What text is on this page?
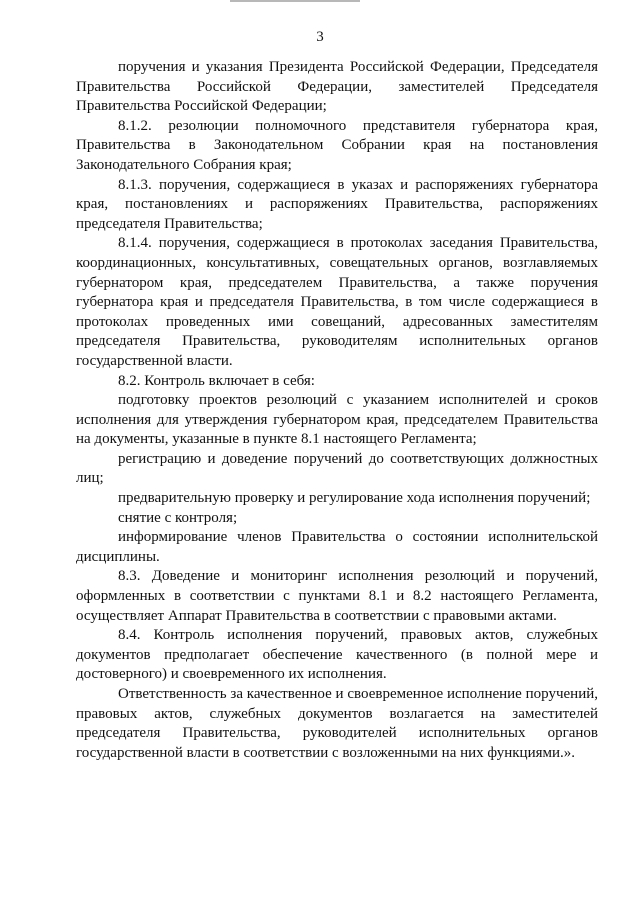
3

поручения и указания Президента Российской Федерации, Председателя Правительства Российской Федерации, заместителей Председателя Правительства Российской Федерации;

8.1.2. резолюции полномочного представителя губернатора края, Правительства в Законодательном Собрании края на постановления Законодательного Собрания края;

8.1.3. поручения, содержащиеся в указах и распоряжениях губернатора края, постановлениях и распоряжениях Правительства, распоряжениях председателя Правительства;

8.1.4. поручения, содержащиеся в протоколах заседания Правительства, координационных, консультативных, совещательных органов, возглавляемых губернатором края, председателем Правительства, а также поручения губернатора края и председателя Правительства, в том числе содержащиеся в протоколах проведенных ими совещаний, адресованных заместителям председателя Правительства, руководителям исполнительных органов государственной власти.

8.2. Контроль включает в себя:

подготовку проектов резолюций с указанием исполнителей и сроков исполнения для утверждения губернатором края, председателем Правительства на документы, указанные в пункте 8.1 настоящего Регламента;

регистрацию и доведение поручений до соответствующих должностных лиц;

предварительную проверку и регулирование хода исполнения поручений;

снятие с контроля;

информирование членов Правительства о состоянии исполнительской дисциплины.

8.3. Доведение и мониторинг исполнения резолюций и поручений, оформленных в соответствии с пунктами 8.1 и 8.2 настоящего Регламента, осуществляет Аппарат Правительства в соответствии с правовыми актами.

8.4. Контроль исполнения поручений, правовых актов, служебных документов предполагает обеспечение качественного (в полной мере и достоверного) и своевременного их исполнения.

Ответственность за качественное и своевременное исполнение поручений, правовых актов, служебных документов возлагается на заместителей председателя Правительства, руководителей исполнительных органов государственной власти в соответствии с возложенными на них функциями.».
